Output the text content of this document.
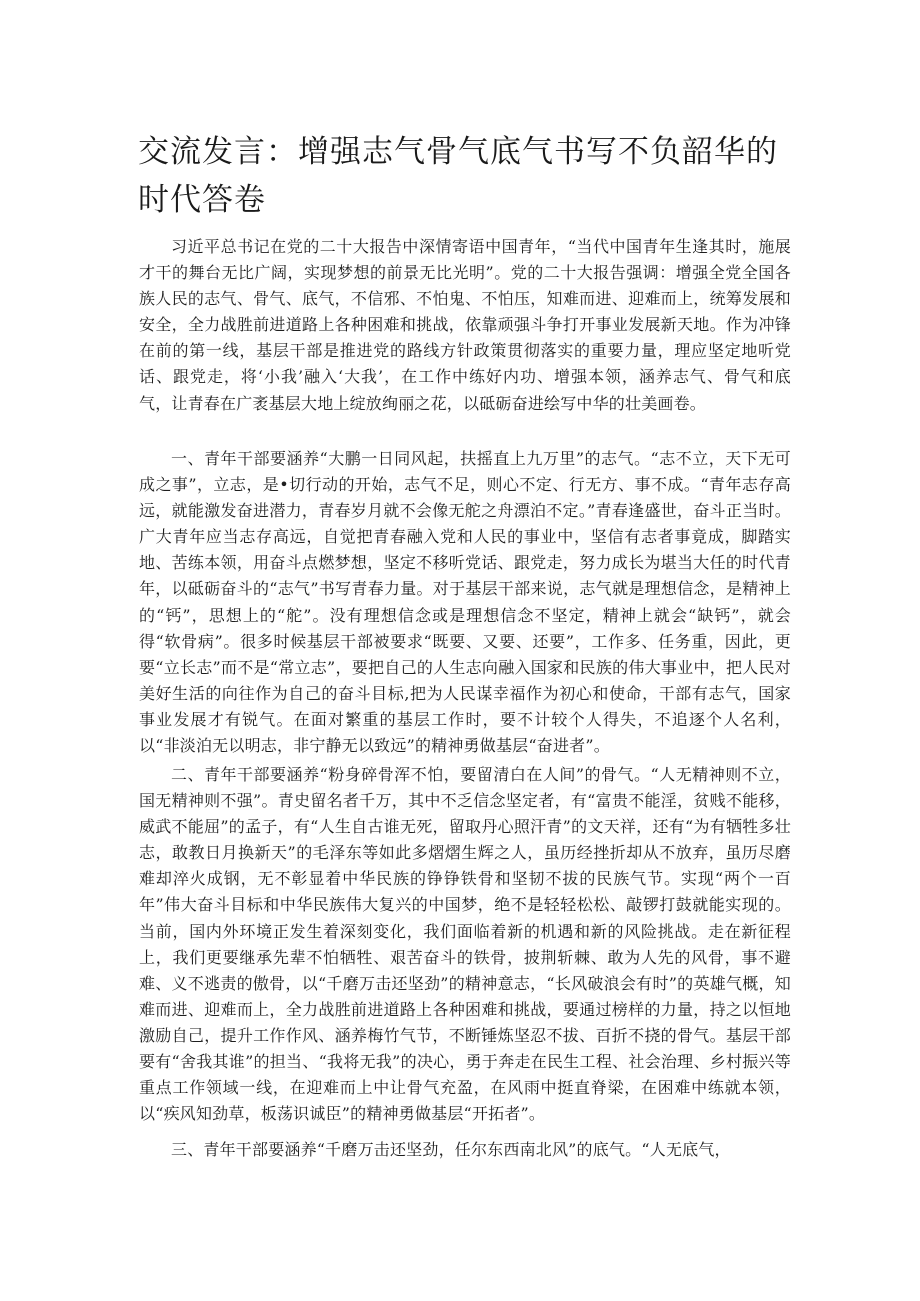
交流发言：增强志气骨气底气书写不负韶华的时代答卷

习近平总书记在党的二十大报告中深情寄语中国青年，“当代中国青年生逢其时，施展才干的舞台无比广阔，实现梦想的前景无比光明”。党的二十大报告强调：增强全党全国各族人民的志气、骨气、底气，不信邪、不怕鬼、不怕压，知难而进、迎难而上，统筹发展和安全，全力战胜前进道路上各种困难和挑战，依靠顽强斗争打开事业发展新天地。作为冲锋在前的第一线，基层干部是推进党的路线方针政策贯彻落实的重要力量，理应坚定地听党话、跟党走，将‘小我’融入‘大我’，在工作中练好内功、增强本领，涵养志气、骨气和底气，让青春在广袤基层大地上绽放绚丽之花，以砥砺奋进绘写中华的壮美画卷。

一、青年干部要涵养“大鹏一日同风起，扶摇直上九万里”的志气。“志不立，天下无可成之事”，立志，是•切行动的开始，志气不足，则心不定、行无方、事不成。“青年志存高远，就能激发奋进潜力，青春岁月就不会像无舵之舟漂泊不定。”青春逢盛世，奋斗正当时。广大青年应当志存高远，自觉把青春融入党和人民的事业中，坚信有志者事竟成，脚踏实地、苦练本领，用奋斗点燃梦想，坚定不移听党话、跟党走，努力成长为堪当大任的时代青年，以砥砺奋斗的“志气”书写青春力量。对于基层干部来说，志气就是理想信念，是精神上的“钙”，思想上的“舵”。没有理想信念或是理想信念不坚定，精神上就会“缺钙”，就会得“软骨病”。很多时候基层干部被要求“既要、又要、还要”，工作多、任务重，因此，更要“立长志”而不是“常立志”，要把自己的人生志向融入国家和民族的伟大事业中，把人民对美好生活的向往作为自己的奋斗目标,把为人民谋幸福作为初心和使命，干部有志气，国家事业发展才有锐气。在面对繁重的基层工作时，要不计较个人得失，不追逐个人名利，以“非淡泊无以明志，非宁静无以致远”的精神勇做基层“奋进者”。

二、青年干部要涵养“粉身碎骨浑不怕，要留清白在人间”的骨气。“人无精神则不立，国无精神则不强”。青史留名者千万，其中不乏信念坚定者，有“富贵不能淫，贫贱不能移，威武不能屈”的孟子，有“人生自古谁无死，留取丹心照汗青”的文天祥，还有“为有牺牲多壮志，敢教日月换新天”的毛泽东等如此多熠熠生辉之人，虽历经挫折却从不放弃，虽历尽磨难却淬火成钢，无不彰显着中华民族的铮铮铁骨和坚韧不拔的民族气节。实现“两个一百年”伟大奋斗目标和中华民族伟大复兴的中国梦，绝不是轻轻松松、敲锣打鼓就能实现的。当前，国内外环境正发生着深刻变化，我们面临着新的机遇和新的风险挑战。走在新征程上，我们更要继承先辈不怕牺牲、艰苦奋斗的铁骨，披荆斩棘、敢为人先的风骨，事不避难、义不逃责的傲骨，以“千磨万击还坚劲”的精神意志，“长风破浪会有时”的英雄气概，知难而进、迎难而上，全力战胜前进道路上各种困难和挑战，要通过榜样的力量，持之以恒地激励自己，提升工作作风、涵养梅竹气节，不断锤炼坚忍不拔、百折不挠的骨气。基层干部要有“舍我其谁”的担当、“我将无我”的决心，勇于奔走在民生工程、社会治理、乡村振兴等重点工作领域一线，在迎难而上中让骨气充盈，在风雨中挺直脊梁，在困难中练就本领，以“疾风知劲草，板荡识诚臣”的精神勇做基层“开拓者”。

三、青年干部要涵养“千磨万击还坚劲，任尔东西南北风”的底气。“人无底气，
